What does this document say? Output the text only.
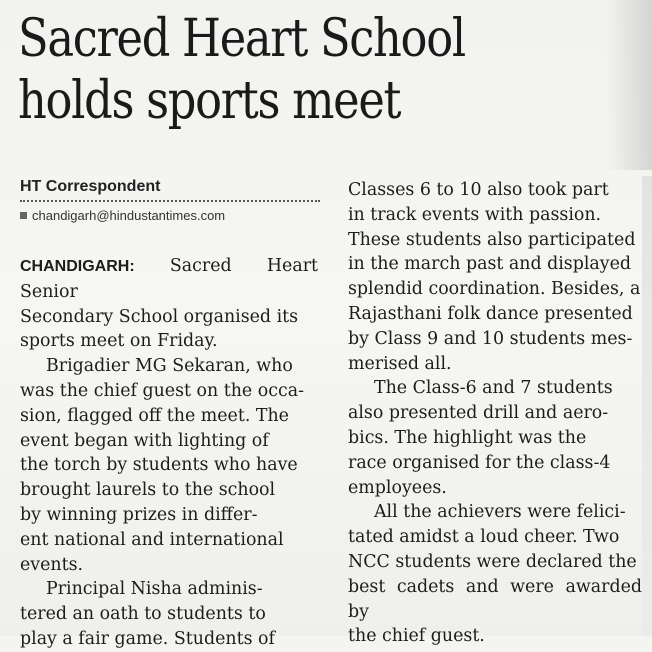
Sacred Heart School
holds sports meet
HT Correspondent
chandigarh@hindustantimes.com

CHANDIGARH: Sacred Heart Senior

Secondary School organised its

sports meet on Friday.

Brigadier MG Sekaran, who

was the chief guest on the occa-

sion, flagged off the meet. The

event began with lighting of

the torch by students who have

brought laurels to the school

by winning prizes in differ-

ent national and international

events.

Principal Nisha adminis-

tered an oath to students to

play a fair game. Students of

Classes 6 to 10 also took part

in track events with passion.

These students also participated

in the march past and displayed

splendid coordination. Besides, a

Rajasthani folk dance presented

by Class 9 and 10 students mes-

merised all.

The Class-6 and 7 students

also presented drill and aero-

bics. The highlight was the

race organised for the class-4

employees.

All the achievers were felici-

tated amidst a loud cheer. Two

NCC students were declared the

best cadets and were awarded by

the chief guest.
